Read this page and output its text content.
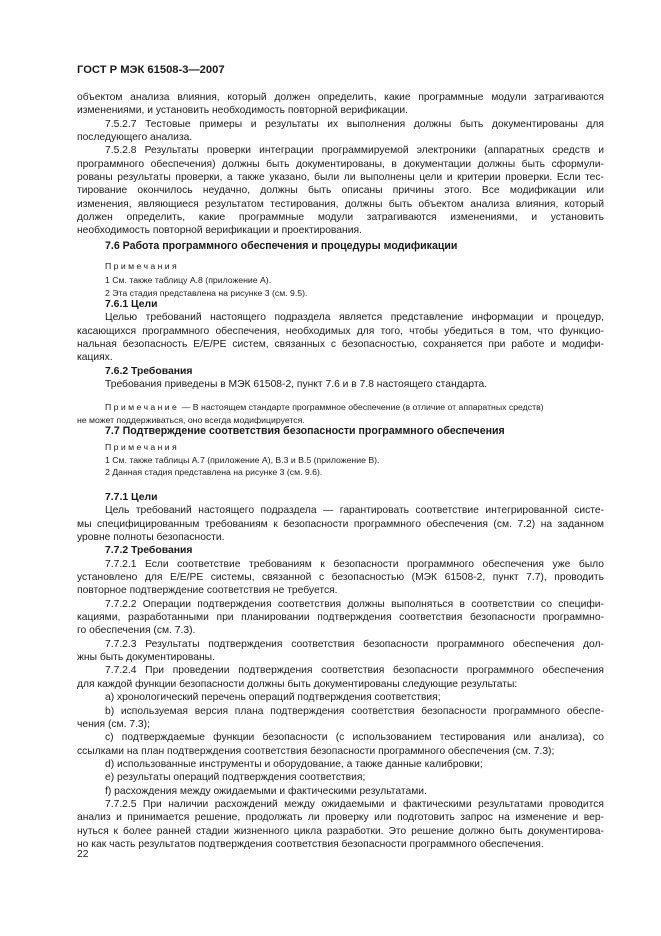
ГОСТ Р МЭК 61508-3—2007
объектом анализа влияния, который должен определить, какие программные модули затрагиваются
изменениями, и установить необходимость повторной верификации.
7.5.2.7 Тестовые примеры и результаты их выполнения должны быть документированы для
последующего анализа.
7.5.2.8 Результаты проверки интеграции программируемой электроники (аппаратных средств и
программного обеспечения) должны быть документированы, в документации должны быть сформули-
рованы результаты проверки, а также указано, были ли выполнены цели и критерии проверки. Если тес-
тирование окончилось неудачно, должны быть описаны причины этого. Все модификации или
изменения, являющиеся результатом тестирования, должны быть объектом анализа влияния, который
должен определить, какие программные модули затрагиваются изменениями, и установить
необходимость повторной верификации и проектирования.
7.6 Работа программного обеспечения и процедуры модификации
Примечания
1 См. также таблицу А.8 (приложение А).
2 Эта стадия представлена на рисунке 3 (см. 9.5).
7.6.1 Цели
Целью требований настоящего подраздела является представление информации и процедур,
касающихся программного обеспечения, необходимых для того, чтобы убедиться в том, что функцио-
нальная безопасность Е/Е/РЕ систем, связанных с безопасностью, сохраняется при работе и модифи-
кациях.
7.6.2 Требования
Требования приведены в МЭК 61508-2, пункт 7.6 и в 7.8 настоящего стандарта.
Примечание — В настоящем стандарте программное обеспечение (в отличие от аппаратных средств)
не может поддерживаться, оно всегда модифицируется.
7.7 Подтверждение соответствия безопасности программного обеспечения
Примечания
1 См. также таблицы А.7 (приложение А), В.3 и В.5 (приложение В).
2 Данная стадия представлена на рисунке 3 (см. 9.6).
7.7.1 Цели
Цель требований настоящего подраздела — гарантировать соответствие интегрированной систе-
мы специфицированным требованиям к безопасности программного обеспечения (см. 7.2) на заданном
уровне полноты безопасности.
7.7.2 Требования
7.7.2.1 Если соответствие требованиям к безопасности программного обеспечения уже было
установлено для Е/Е/РЕ системы, связанной с безопасностью (МЭК 61508-2, пункт 7.7), проводить
повторное подтверждение соответствия не требуется.
7.7.2.2 Операции подтверждения соответствия должны выполняться в соответствии со специфи-
кациями, разработанными при планировании подтверждения соответствия безопасности программно-
го обеспечения (см. 7.3).
7.7.2.3 Результаты подтверждения соответствия безопасности программного обеспечения дол-
жны быть документированы.
7.7.2.4 При проведении подтверждения соответствия безопасности программного обеспечения
для каждой функции безопасности должны быть документированы следующие результаты:
a) хронологический перечень операций подтверждения соответствия;
b) используемая версия плана подтверждения соответствия безопасности программного обеспе-
чения (см. 7.3);
c) подтверждаемые функции безопасности (с использованием тестирования или анализа), со
ссылками на план подтверждения соответствия безопасности программного обеспечения (см. 7.3);
d) использованные инструменты и оборудование, а также данные калибровки;
e) результаты операций подтверждения соответствия;
f) расхождения между ожидаемыми и фактическими результатами.
7.7.2.5 При наличии расхождений между ожидаемыми и фактическими результатами проводится
анализ и принимается решение, продолжать ли проверку или подготовить запрос на изменение и вер-
нуться к более ранней стадии жизненного цикла разработки. Это решение должно быть документирова-
но как часть результатов подтверждения соответствия безопасности программного обеспечения.
22
